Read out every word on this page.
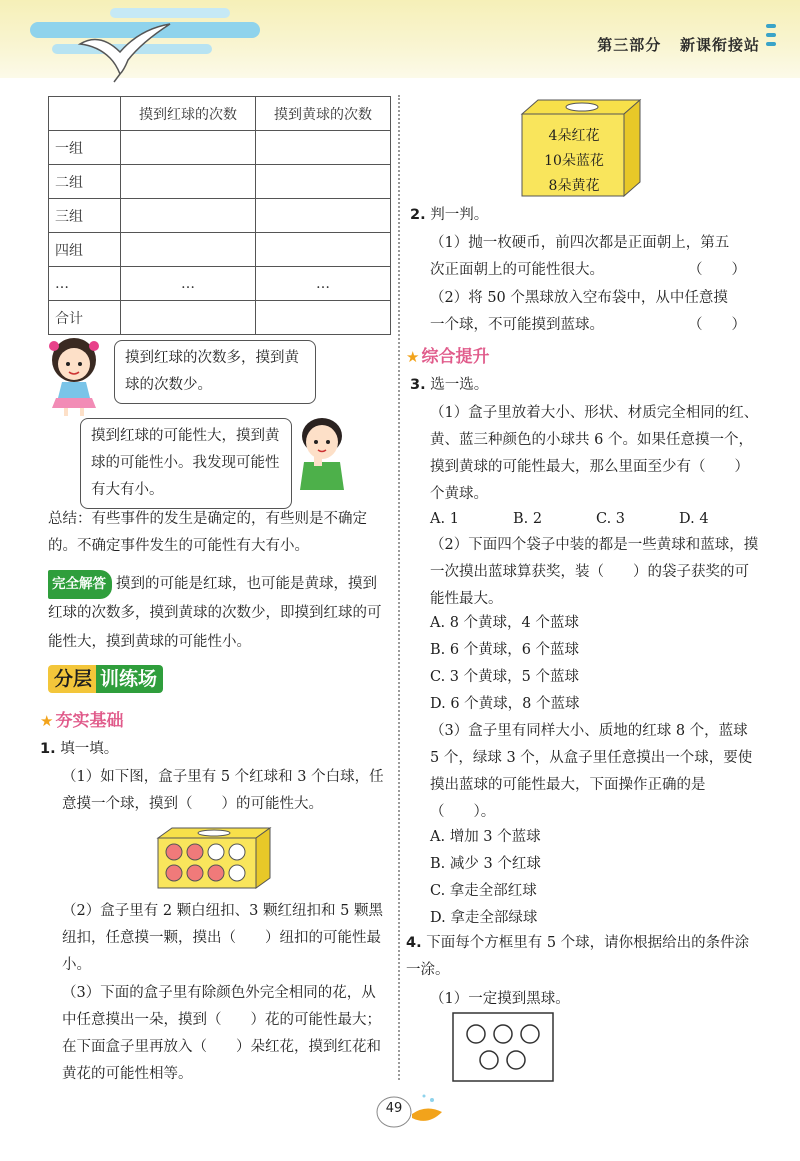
第三部分 新课衔接站
	摸到红球的次数	摸到黄球的次数
一组		
二组		
三组		
四组		
…	…	…
合计		
摸到红球的次数多，摸到黄球的次数少。
摸到红球的可能性大，摸到黄球的可能性小。我发现可能性有大有小。
总结：有些事件的发生是确定的，有些则是不确定的。不确定事件发生的可能性有大有小。
完全解答 摸到的可能是红球，也可能是黄球，摸到红球的次数多，摸到黄球的次数少，即摸到红球的可能性大，摸到黄球的可能性小。
分层 训练场
★ 夯实基础
1. 填一填。
（1）如下图，盒子里有 5 个红球和 3 个白球，任意摸一个球，摸到（　　）的可能性大。
（2）盒子里有 2 颗白纽扣、3 颗红纽扣和 5 颗黑纽扣，任意摸一颗，摸出（　　）纽扣的可能性最小。
（3）下面的盒子里有除颜色外完全相同的花，从中任意摸出一朵，摸到（　　）花的可能性最大；在下面盒子里再放入（　　）朵红花，摸到红花和黄花的可能性相等。
4朵红花
10朵蓝花
8朵黄花
2. 判一判。
（1）抛一枚硬币，前四次都是正面朝上，第五
次正面朝上的可能性很大。	（　　）
（2）将 50 个黑球放入空布袋中，从中任意摸
一个球，不可能摸到蓝球。	（　　）
★ 综合提升
3. 选一选。
（1）盒子里放着大小、形状、材质完全相同的红、黄、蓝三种颜色的小球共 6 个。如果任意摸一个，摸到黄球的可能性最大，那么里面至少有（　　）个黄球。
A. 1	B. 2	C. 3	D. 4
（2）下面四个袋子中装的都是一些黄球和蓝球，摸一次摸出蓝球算获奖，装（　　）的袋子获奖的可能性最大。
A. 8 个黄球，4 个蓝球
B. 6 个黄球，6 个蓝球
C. 3 个黄球，5 个蓝球
D. 6 个黄球，8 个蓝球
（3）盒子里有同样大小、质地的红球 8 个，蓝球 5 个，绿球 3 个，从盒子里任意摸出一个球，要使摸出蓝球的可能性最大，下面操作正确的是（　　）。
A. 增加 3 个蓝球
B. 减少 3 个红球
C. 拿走全部红球
D. 拿走全部绿球
4. 下面每个方框里有 5 个球，请你根据给出的条件涂一涂。
（1）一定摸到黑球。
49
